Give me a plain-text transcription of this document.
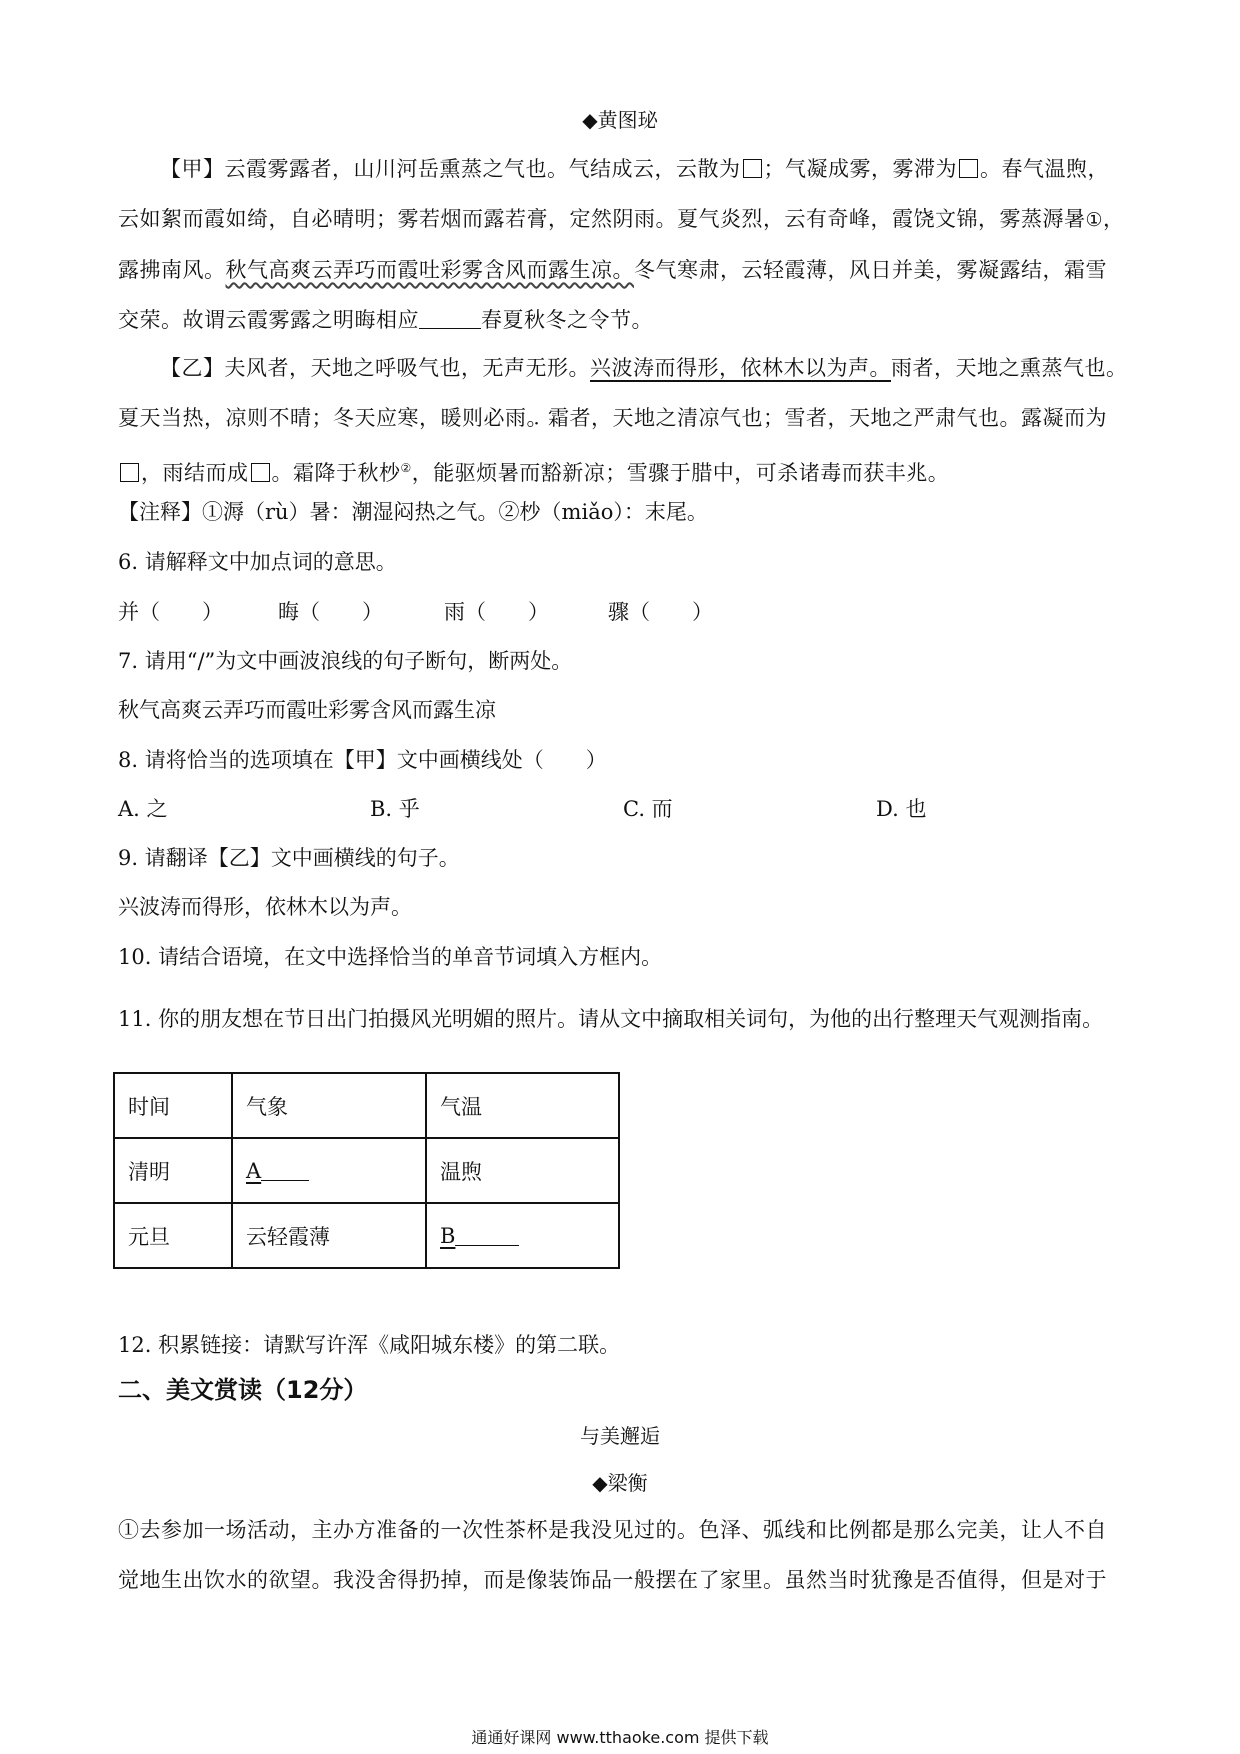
◆黄图珌
【甲】云霞雾露者，山川河岳熏蒸之气也。气结成云，云散为 ；气凝成雾，雾滞为 。春气温煦，云如絮而霞如绮，自必晴明；雾若烟而露若膏，定然阴雨。夏气炎烈，云有奇峰，霞饶文锦，雾蒸溽暑①，露拂南风。秋气高爽云弄巧而霞吐彩雾含风而露生凉。冬气寒肃，云轻霞薄，风日并 ·美，雾凝露结，霜雪交荣。故谓云霞雾露之明晦 ·相应	春夏秋冬之令节。
【乙】夫风者，天地之呼吸气也，无声无形。兴波涛而得形，依林木以为声。雨者，天地之熏蒸气也。夏天当热，凉则不晴；冬天应寒，暖则必雨 ·。霜者，天地之清凉气也；雪者，天地之严肃气也。露凝而为，雨结而成 。霜降于秋杪②，能驱烦暑而豁新凉；雪骤 ·于腊中，可杀诸毒而获丰兆。
【注释】①溽（rù）暑：潮湿闷热之气。②杪（miǎo）：末尾。
6. 请解释文中加点词的意思。
并（　　）	晦（　　）	雨（　　）	骤（　　）
7. 请用“/”为文中画波浪线的句子断句，断两处。
秋气高爽云弄巧而霞吐彩雾含风而露生凉
8. 请将恰当的选项填在【甲】文中画横线处（　　）
A. 之	B. 乎	C. 而	D. 也
9. 请翻译【乙】文中画横线的句子。
兴波涛而得形，依林木以为声。
10. 请结合语境，在文中选择恰当的单音节词填入方框内。
11. 你的朋友想在节日出门拍摄风光明媚的照片。请从文中摘取相关词句，为他的出行整理天气观测指南。
时间	气象	气温
清明	A	温煦
元旦	云轻霞薄	B
12. 积累链接：请默写许浑《咸阳城东楼》的第二联。
二、美文赏读（12分）
与美邂逅
◆梁衡
①去参加一场活动，主办方准备的一次性茶杯是我没见过的。色泽、弧线和比例都是那么完美，让人不自觉地生出饮水的欲望。我没舍得扔掉，而是像装饰品一般摆在了家里。虽然当时犹豫是否值得，但是对于
通通好课网 www.tthaoke.com 提供下载
